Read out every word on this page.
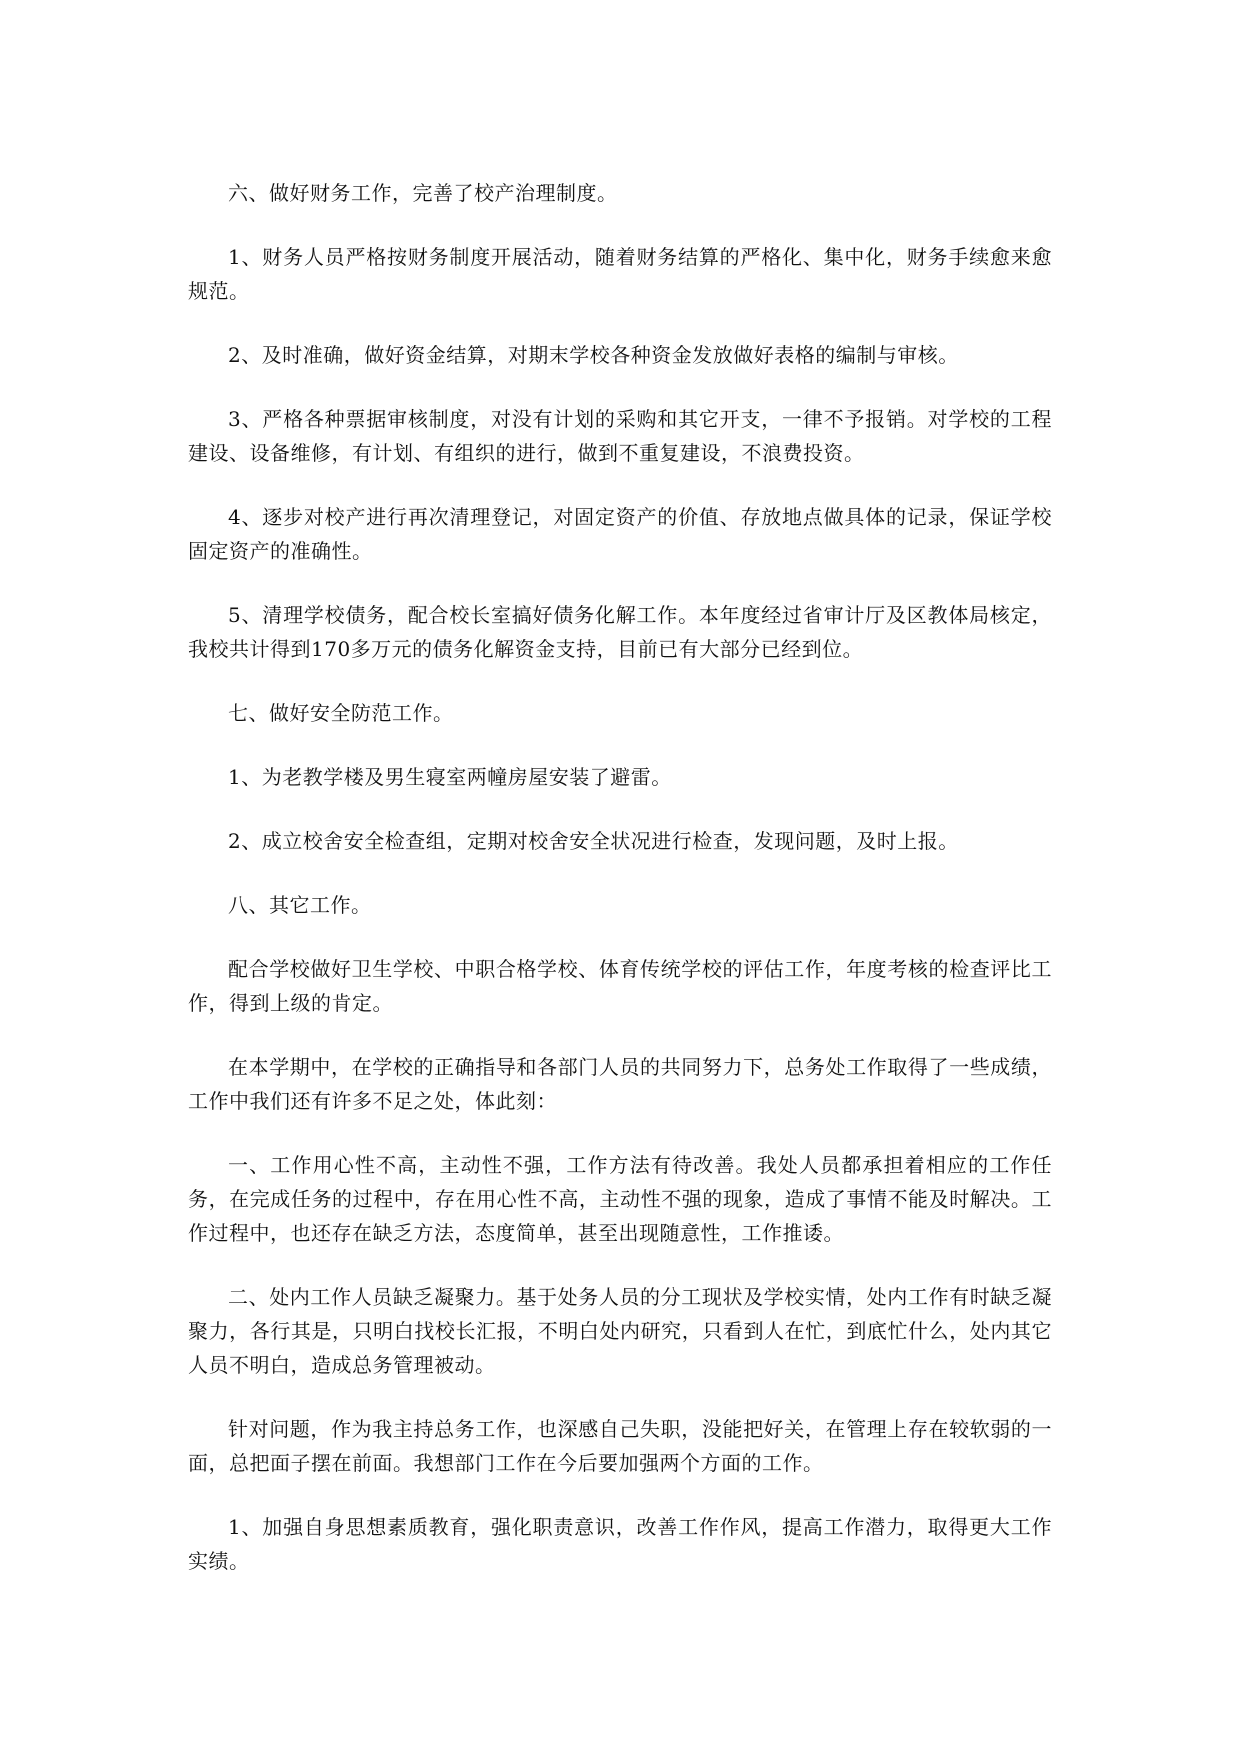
六、做好财务工作，完善了校产治理制度。

1、财务人员严格按财务制度开展活动，随着财务结算的严格化、集中化，财务手续愈来愈规范。

2、及时准确，做好资金结算，对期末学校各种资金发放做好表格的编制与审核。

3、严格各种票据审核制度，对没有计划的采购和其它开支，一律不予报销。对学校的工程建设、设备维修，有计划、有组织的进行，做到不重复建设，不浪费投资。

4、逐步对校产进行再次清理登记，对固定资产的价值、存放地点做具体的记录，保证学校固定资产的准确性。

5、清理学校债务，配合校长室搞好债务化解工作。本年度经过省审计厅及区教体局核定，我校共计得到170多万元的债务化解资金支持，目前已有大部分已经到位。

七、做好安全防范工作。

1、为老教学楼及男生寝室两幢房屋安装了避雷。

2、成立校舍安全检查组，定期对校舍安全状况进行检查，发现问题，及时上报。

八、其它工作。

配合学校做好卫生学校、中职合格学校、体育传统学校的评估工作，年度考核的检查评比工作，得到上级的肯定。

在本学期中，在学校的正确指导和各部门人员的共同努力下，总务处工作取得了一些成绩，工作中我们还有许多不足之处，体此刻：

一、工作用心性不高，主动性不强，工作方法有待改善。我处人员都承担着相应的工作任务，在完成任务的过程中，存在用心性不高，主动性不强的现象，造成了事情不能及时解决。工作过程中，也还存在缺乏方法，态度简单，甚至出现随意性，工作推诿。

二、处内工作人员缺乏凝聚力。基于处务人员的分工现状及学校实情，处内工作有时缺乏凝聚力，各行其是，只明白找校长汇报，不明白处内研究，只看到人在忙，到底忙什么，处内其它人员不明白，造成总务管理被动。

针对问题，作为我主持总务工作，也深感自己失职，没能把好关，在管理上存在较软弱的一面，总把面子摆在前面。我想部门工作在今后要加强两个方面的工作。

1、加强自身思想素质教育，强化职责意识，改善工作作风，提高工作潜力，取得更大工作实绩。
